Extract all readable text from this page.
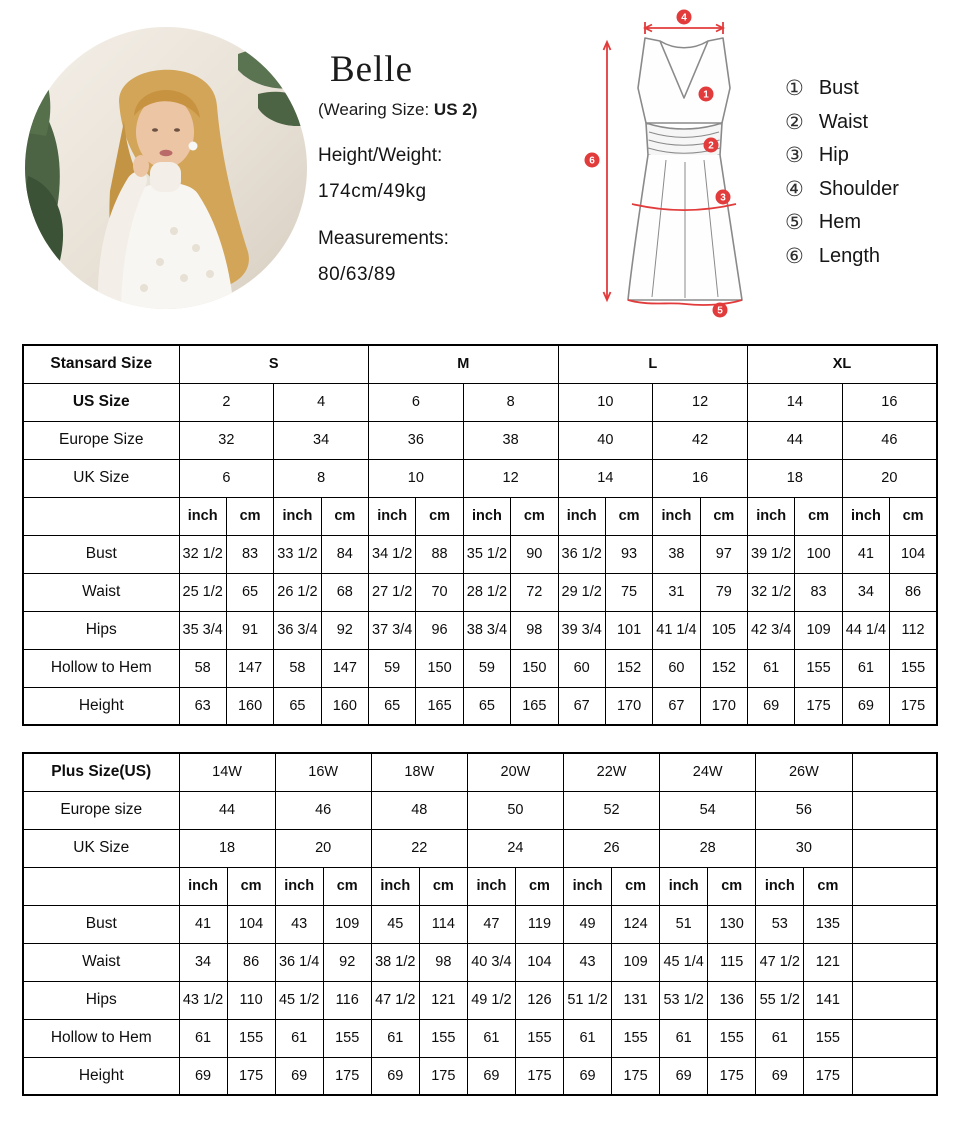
Belle
(Wearing Size: US 2)
Height/Weight:
174cm/49kg
Measurements:
80/63/89
4
1
2
3
5
6
① Bust
② Waist
③ Hip
④ Shoulder
⑤ Hem
⑥ Length
Stansard Size	S				M				L				XL			
US Size	2		4		6		8		10		12		14		16	
Europe Size	32		34		36		38		40		42		44		46	
UK Size	6		8		10		12		14		16		18		20	
	inch	cm	inch	cm	inch	cm	inch	cm	inch	cm	inch	cm	inch	cm	inch	cm
Bust	32 1/2	83	33 1/2	84	34 1/2	88	35 1/2	90	36 1/2	93	38	97	39 1/2	100	41	104
Waist	25 1/2	65	26 1/2	68	27 1/2	70	28 1/2	72	29 1/2	75	31	79	32 1/2	83	34	86
Hips	35 3/4	91	36 3/4	92	37 3/4	96	38 3/4	98	39 3/4	101	41 1/4	105	42 3/4	109	44 1/4	112
Hollow to Hem	58	147	58	147	59	150	59	150	60	152	60	152	61	155	61	155
Height	63	160	65	160	65	165	65	165	67	170	67	170	69	175	69	175
Plus Size(US)	14W		16W		18W		20W		22W		24W		26W		
Europe size	44		46		48		50		52		54		56		
UK Size	18		20		22		24		26		28		30		
	inch	cm	inch	cm	inch	cm	inch	cm	inch	cm	inch	cm	inch	cm	
Bust	41	104	43	109	45	114	47	119	49	124	51	130	53	135	
Waist	34	86	36 1/4	92	38 1/2	98	40 3/4	104	43	109	45 1/4	115	47 1/2	121	
Hips	43 1/2	110	45 1/2	116	47 1/2	121	49 1/2	126	51 1/2	131	53 1/2	136	55 1/2	141	
Hollow to Hem	61	155	61	155	61	155	61	155	61	155	61	155	61	155	
Height	69	175	69	175	69	175	69	175	69	175	69	175	69	175	
